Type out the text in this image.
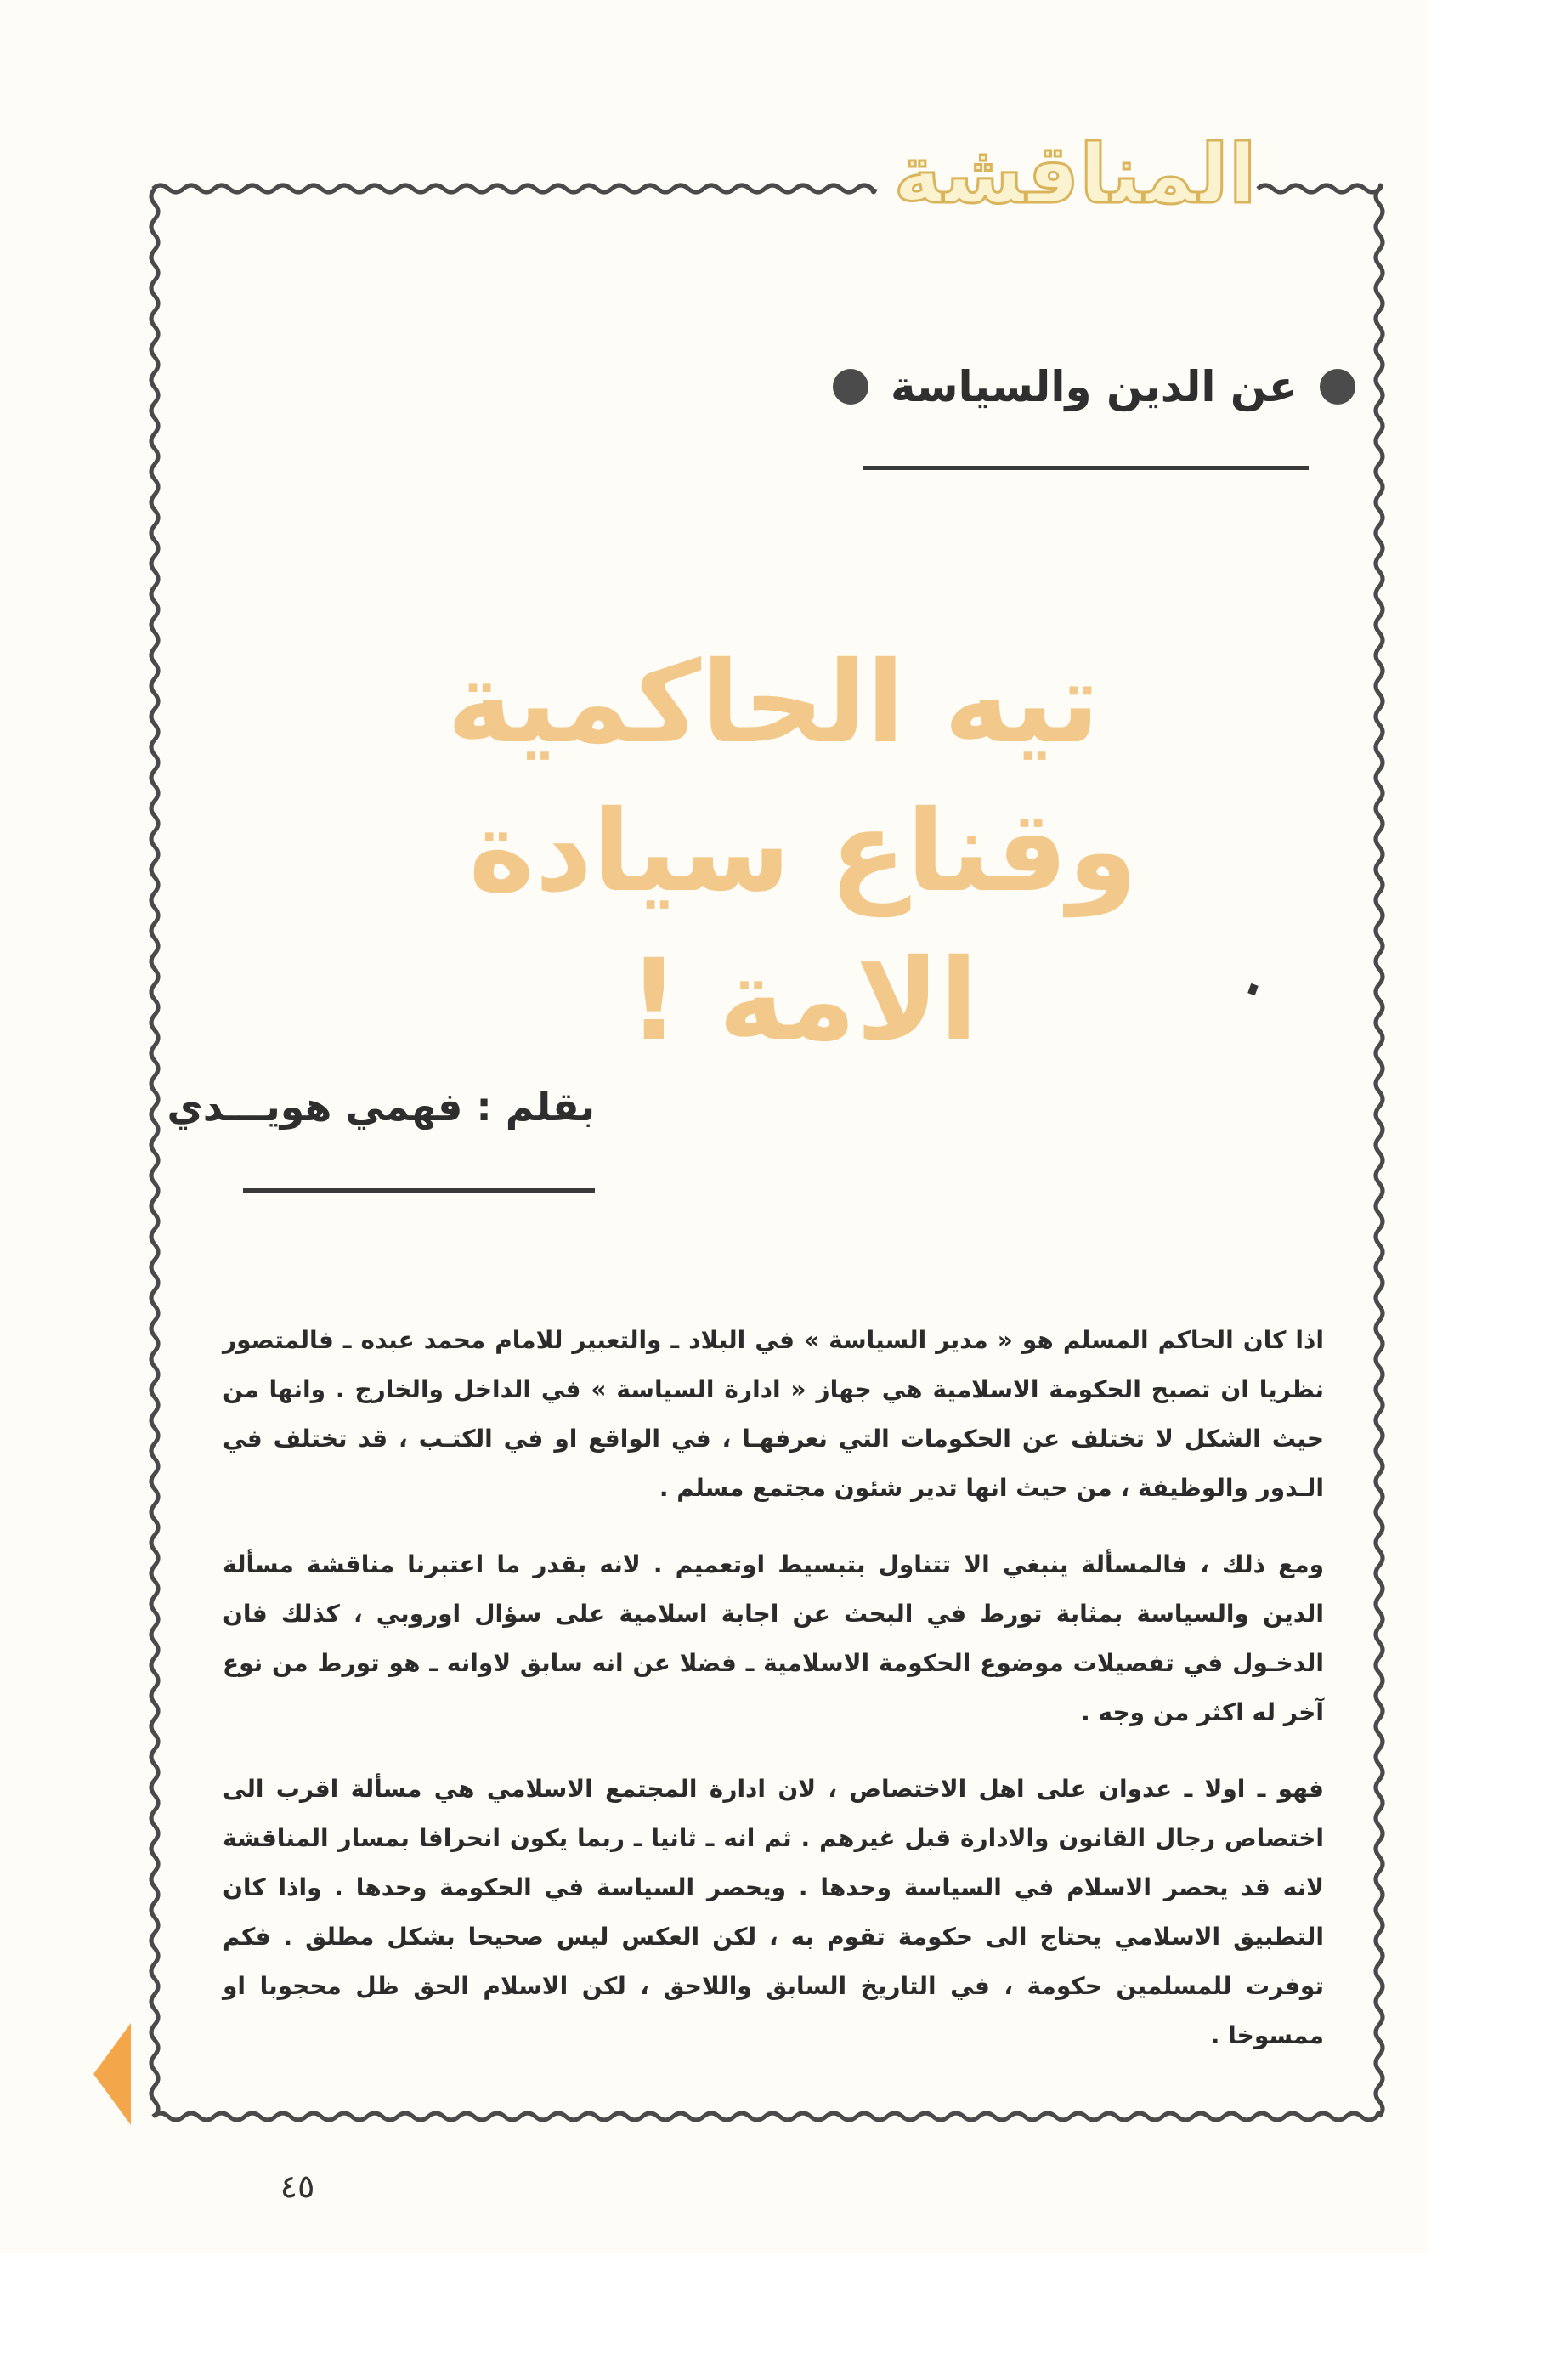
المناقشة
عن الدين والسياسة
تيه الحاكمية
وقناع سيادة الامة !
بقلم : فهمي هويـــدي

اذا كان الحاكم المسلم هو « مدير السياسة » في البلاد ـ والتعبير للامام محمد عبده ـ فالمتصور نظريا ان تصبح الحكومة الاسلامية هي جهاز « ادارة السياسة » في الداخل والخارج . وانها من حيث الشكل لا تختلف عن الحكومات التي نعرفهـا ، في الواقع او في الكتـب ، قد تختلف في الـدور والوظيفة ، من حيث انها تدير شئون مجتمع مسلم .

ومع ذلك ، فالمسألة ينبغي الا تتناول بتبسيط اوتعميم . لانه بقدر ما اعتبرنا مناقشة مسألة الدين والسياسة بمثابة تورط في البحث عن اجابة اسلامية على سؤال اوروبي ، كذلك فان الدخـول في تفصيلات موضوع الحكومة الاسلامية ـ فضلا عن انه سابق لاوانه ـ هو تورط من نوع آخر له اكثر من وجه .

فهو ـ اولا ـ عدوان على اهل الاختصاص ، لان ادارة المجتمع الاسلامي هي مسألة اقرب الى اختصاص رجال القانون والادارة قبل غيرهم . ثم انه ـ ثانيا ـ ربما يكون انحرافا بمسار المناقشة لانه قد يحصر الاسلام في السياسة وحدها . ويحصر السياسة في الحكومة وحدها . واذا كان التطبيق الاسلامي يحتاج الى حكومة تقوم به ، لكن العكس ليس صحيحا بشكل مطلق . فكم توفرت للمسلمين حكومة ، في التاريخ السابق واللاحق ، لكن الاسلام الحق ظل محجوبا او ممسوخا .

٤٥
